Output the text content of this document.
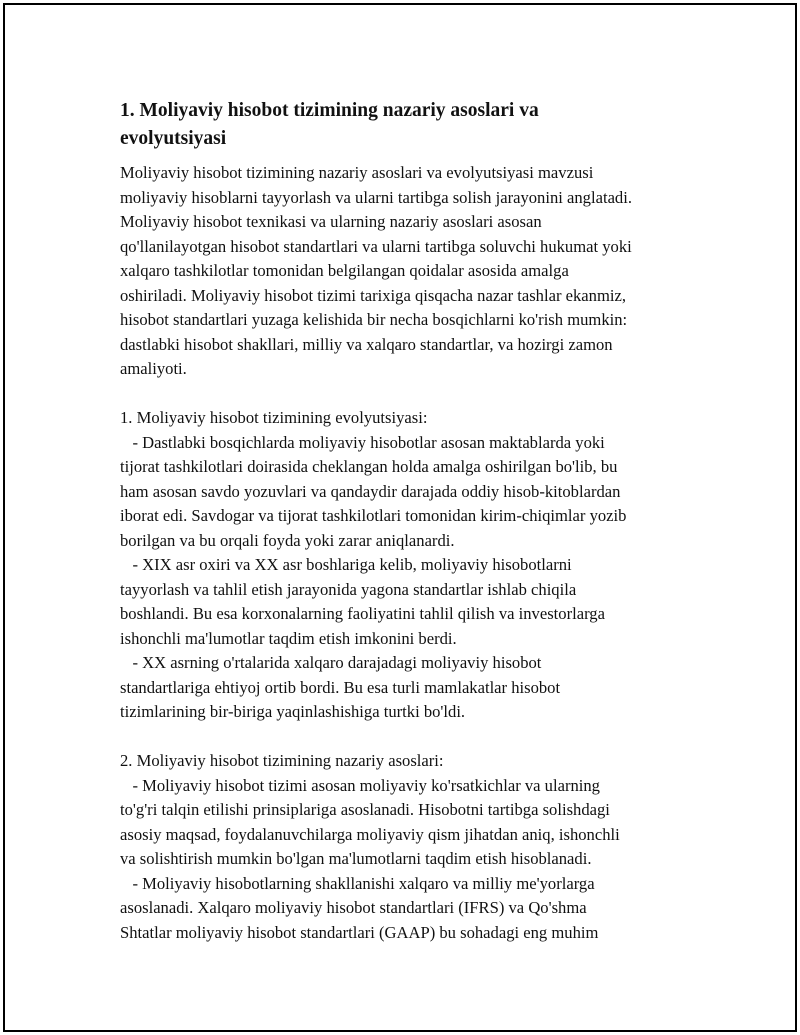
1. Moliyaviy hisobot tizimining nazariy asoslari va
evolyutsiyasi
Moliyaviy hisobot tizimining nazariy asoslari va evolyutsiyasi mavzusi
moliyaviy hisoblarni tayyorlash va ularni tartibga solish jarayonini anglatadi.
Moliyaviy hisobot texnikasi va ularning nazariy asoslari asosan
qo'llanilayotgan hisobot standartlari va ularni tartibga soluvchi hukumat yoki
xalqaro tashkilotlar tomonidan belgilangan qoidalar asosida amalga
oshiriladi. Moliyaviy hisobot tizimi tarixiga qisqacha nazar tashlar ekanmiz,
hisobot standartlari yuzaga kelishida bir necha bosqichlarni ko'rish mumkin:
dastlabki hisobot shakllari, milliy va xalqaro standartlar, va hozirgi zamon
amaliyoti.
1. Moliyaviy hisobot tizimining evolyutsiyasi:
- Dastlabki bosqichlarda moliyaviy hisobotlar asosan maktablarda yoki
tijorat tashkilotlari doirasida cheklangan holda amalga oshirilgan bo'lib, bu
ham asosan savdo yozuvlari va qandaydir darajada oddiy hisob-kitoblardan
iborat edi. Savdogar va tijorat tashkilotlari tomonidan kirim-chiqimlar yozib
borilgan va bu orqali foyda yoki zarar aniqlanardi.
- XIX asr oxiri va XX asr boshlariga kelib, moliyaviy hisobotlarni
tayyorlash va tahlil etish jarayonida yagona standartlar ishlab chiqila
boshlandi. Bu esa korxonalarning faoliyatini tahlil qilish va investorlarga
ishonchli ma'lumotlar taqdim etish imkonini berdi.
- XX asrning o'rtalarida xalqaro darajadagi moliyaviy hisobot
standartlariga ehtiyoj ortib bordi. Bu esa turli mamlakatlar hisobot
tizimlarining bir-biriga yaqinlashishiga turtki bo'ldi.
2. Moliyaviy hisobot tizimining nazariy asoslari:
- Moliyaviy hisobot tizimi asosan moliyaviy ko'rsatkichlar va ularning
to'g'ri talqin etilishi prinsiplariga asoslanadi. Hisobotni tartibga solishdagi
asosiy maqsad, foydalanuvchilarga moliyaviy qism jihatdan aniq, ishonchli
va solishtirish mumkin bo'lgan ma'lumotlarni taqdim etish hisoblanadi.
- Moliyaviy hisobotlarning shakllanishi xalqaro va milliy me'yorlarga
asoslanadi. Xalqaro moliyaviy hisobot standartlari (IFRS) va Qo'shma
Shtatlar moliyaviy hisobot standartlari (GAAP) bu sohadagi eng muhim
